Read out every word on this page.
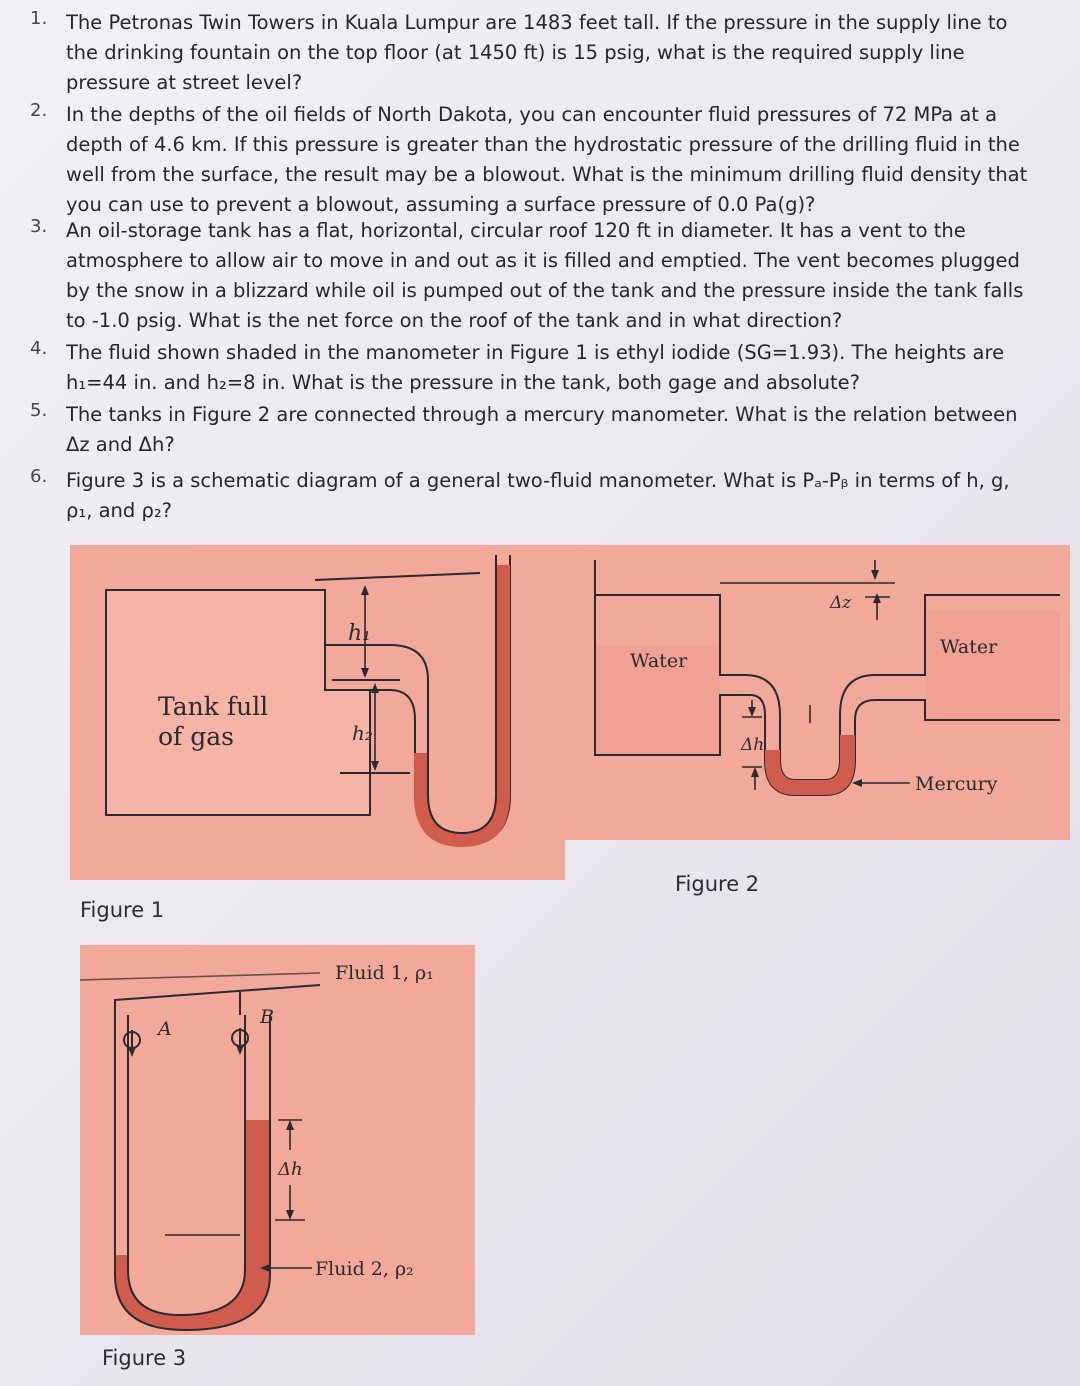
1. The Petronas Twin Towers in Kuala Lumpur are 1483 feet tall. If the pressure in the supply line to the drinking fountain on the top floor (at 1450 ft) is 15 psig, what is the required supply line pressure at street level?
2. In the depths of the oil fields of North Dakota, you can encounter fluid pressures of 72 MPa at a depth of 4.6 km. If this pressure is greater than the hydrostatic pressure of the drilling fluid in the well from the surface, the result may be a blowout. What is the minimum drilling fluid density that you can use to prevent a blowout, assuming a surface pressure of 0.0 Pa(g)?
3. An oil-storage tank has a flat, horizontal, circular roof 120 ft in diameter. It has a vent to the atmosphere to allow air to move in and out as it is filled and emptied. The vent becomes plugged by the snow in a blizzard while oil is pumped out of the tank and the pressure inside the tank falls to -1.0 psig. What is the net force on the roof of the tank and in what direction?
4. The fluid shown shaded in the manometer in Figure 1 is ethyl iodide (SG=1.93). The heights are h₁=44 in. and h₂=8 in. What is the pressure in the tank, both gage and absolute?
5. The tanks in Figure 2 are connected through a mercury manometer. What is the relation between Δz and Δh?
6. Figure 3 is a schematic diagram of a general two-fluid manometer. What is Pₐ-Pᵦ in terms of h, g, ρ₁, and ρ₂?
h₁
h₂
Tank full
of gas
Figure 1
Δz
Δh
Water
Water
Mercury
Figure 2
A
B
Δh
Fluid 2, ρ₂
Fluid 1, ρ₁
Figure 3
